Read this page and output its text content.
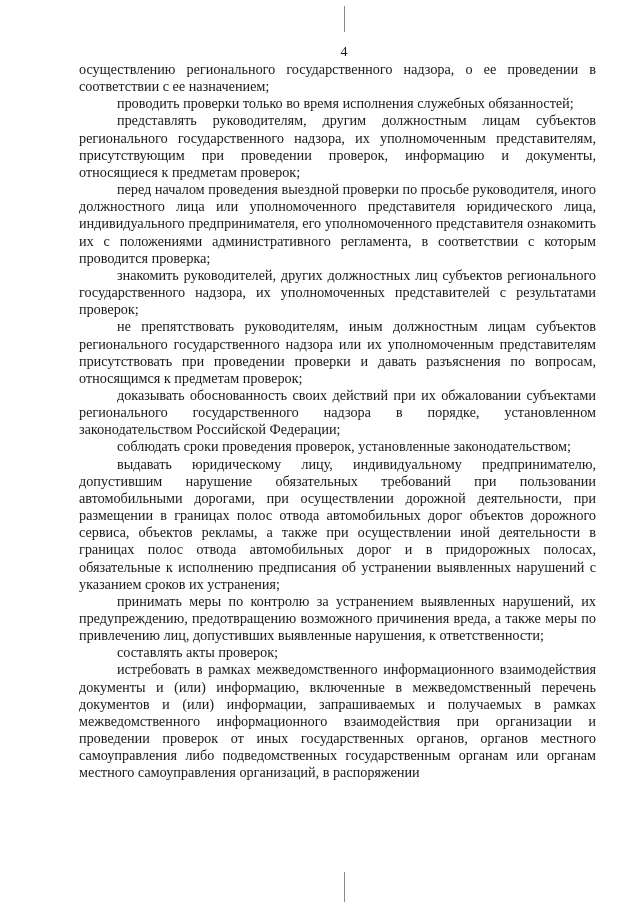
4

осуществлению регионального государственного надзора, о ее проведении в соответствии с ее назначением;

проводить проверки только во время исполнения служебных обязанностей;

представлять руководителям, другим должностным лицам субъектов регионального государственного надзора, их уполномоченным представителям, присутствующим при проведении проверок, информацию и документы, относящиеся к предметам проверок;

перед началом проведения выездной проверки по просьбе руководителя, иного должностного лица или уполномоченного представителя юридического лица, индивидуального предпринимателя, его уполномоченного представителя ознакомить их с положениями административного регламента, в соответствии с которым проводится проверка;

знакомить руководителей, других должностных лиц субъектов регионального государственного надзора, их уполномоченных представителей с результатами проверок;

не препятствовать руководителям, иным должностным лицам субъектов регионального государственного надзора или их уполномоченным представителям присутствовать при проведении проверки и давать разъяснения по вопросам, относящимся к предметам проверок;

доказывать обоснованность своих действий при их обжаловании субъектами регионального государственного надзора в порядке, установленном законодательством Российской Федерации;

соблюдать сроки проведения проверок, установленные законодательством;

выдавать юридическому лицу, индивидуальному предпринимателю, допустившим нарушение обязательных требований при пользовании автомобильными дорогами, при осуществлении дорожной деятельности, при размещении в границах полос отвода автомобильных дорог объектов дорожного сервиса, объектов рекламы, а также при осуществлении иной деятельности в границах полос отвода автомобильных дорог и в придорожных полосах, обязательные к исполнению предписания об устранении выявленных нарушений с указанием сроков их устранения;

принимать меры по контролю за устранением выявленных нарушений, их предупреждению, предотвращению возможного причинения вреда, а также меры по привлечению лиц, допустивших выявленные нарушения, к ответственности;

составлять акты проверок;

истребовать в рамках межведомственного информационного взаимодействия документы и (или) информацию, включенные в межведомственный перечень документов и (или) информации, запрашиваемых и получаемых в рамках межведомственного информационного взаимодействия при организации и проведении проверок от иных государственных органов, органов местного самоуправления либо подведомственных государственным органам или органам местного самоуправления организаций, в распоряжении
